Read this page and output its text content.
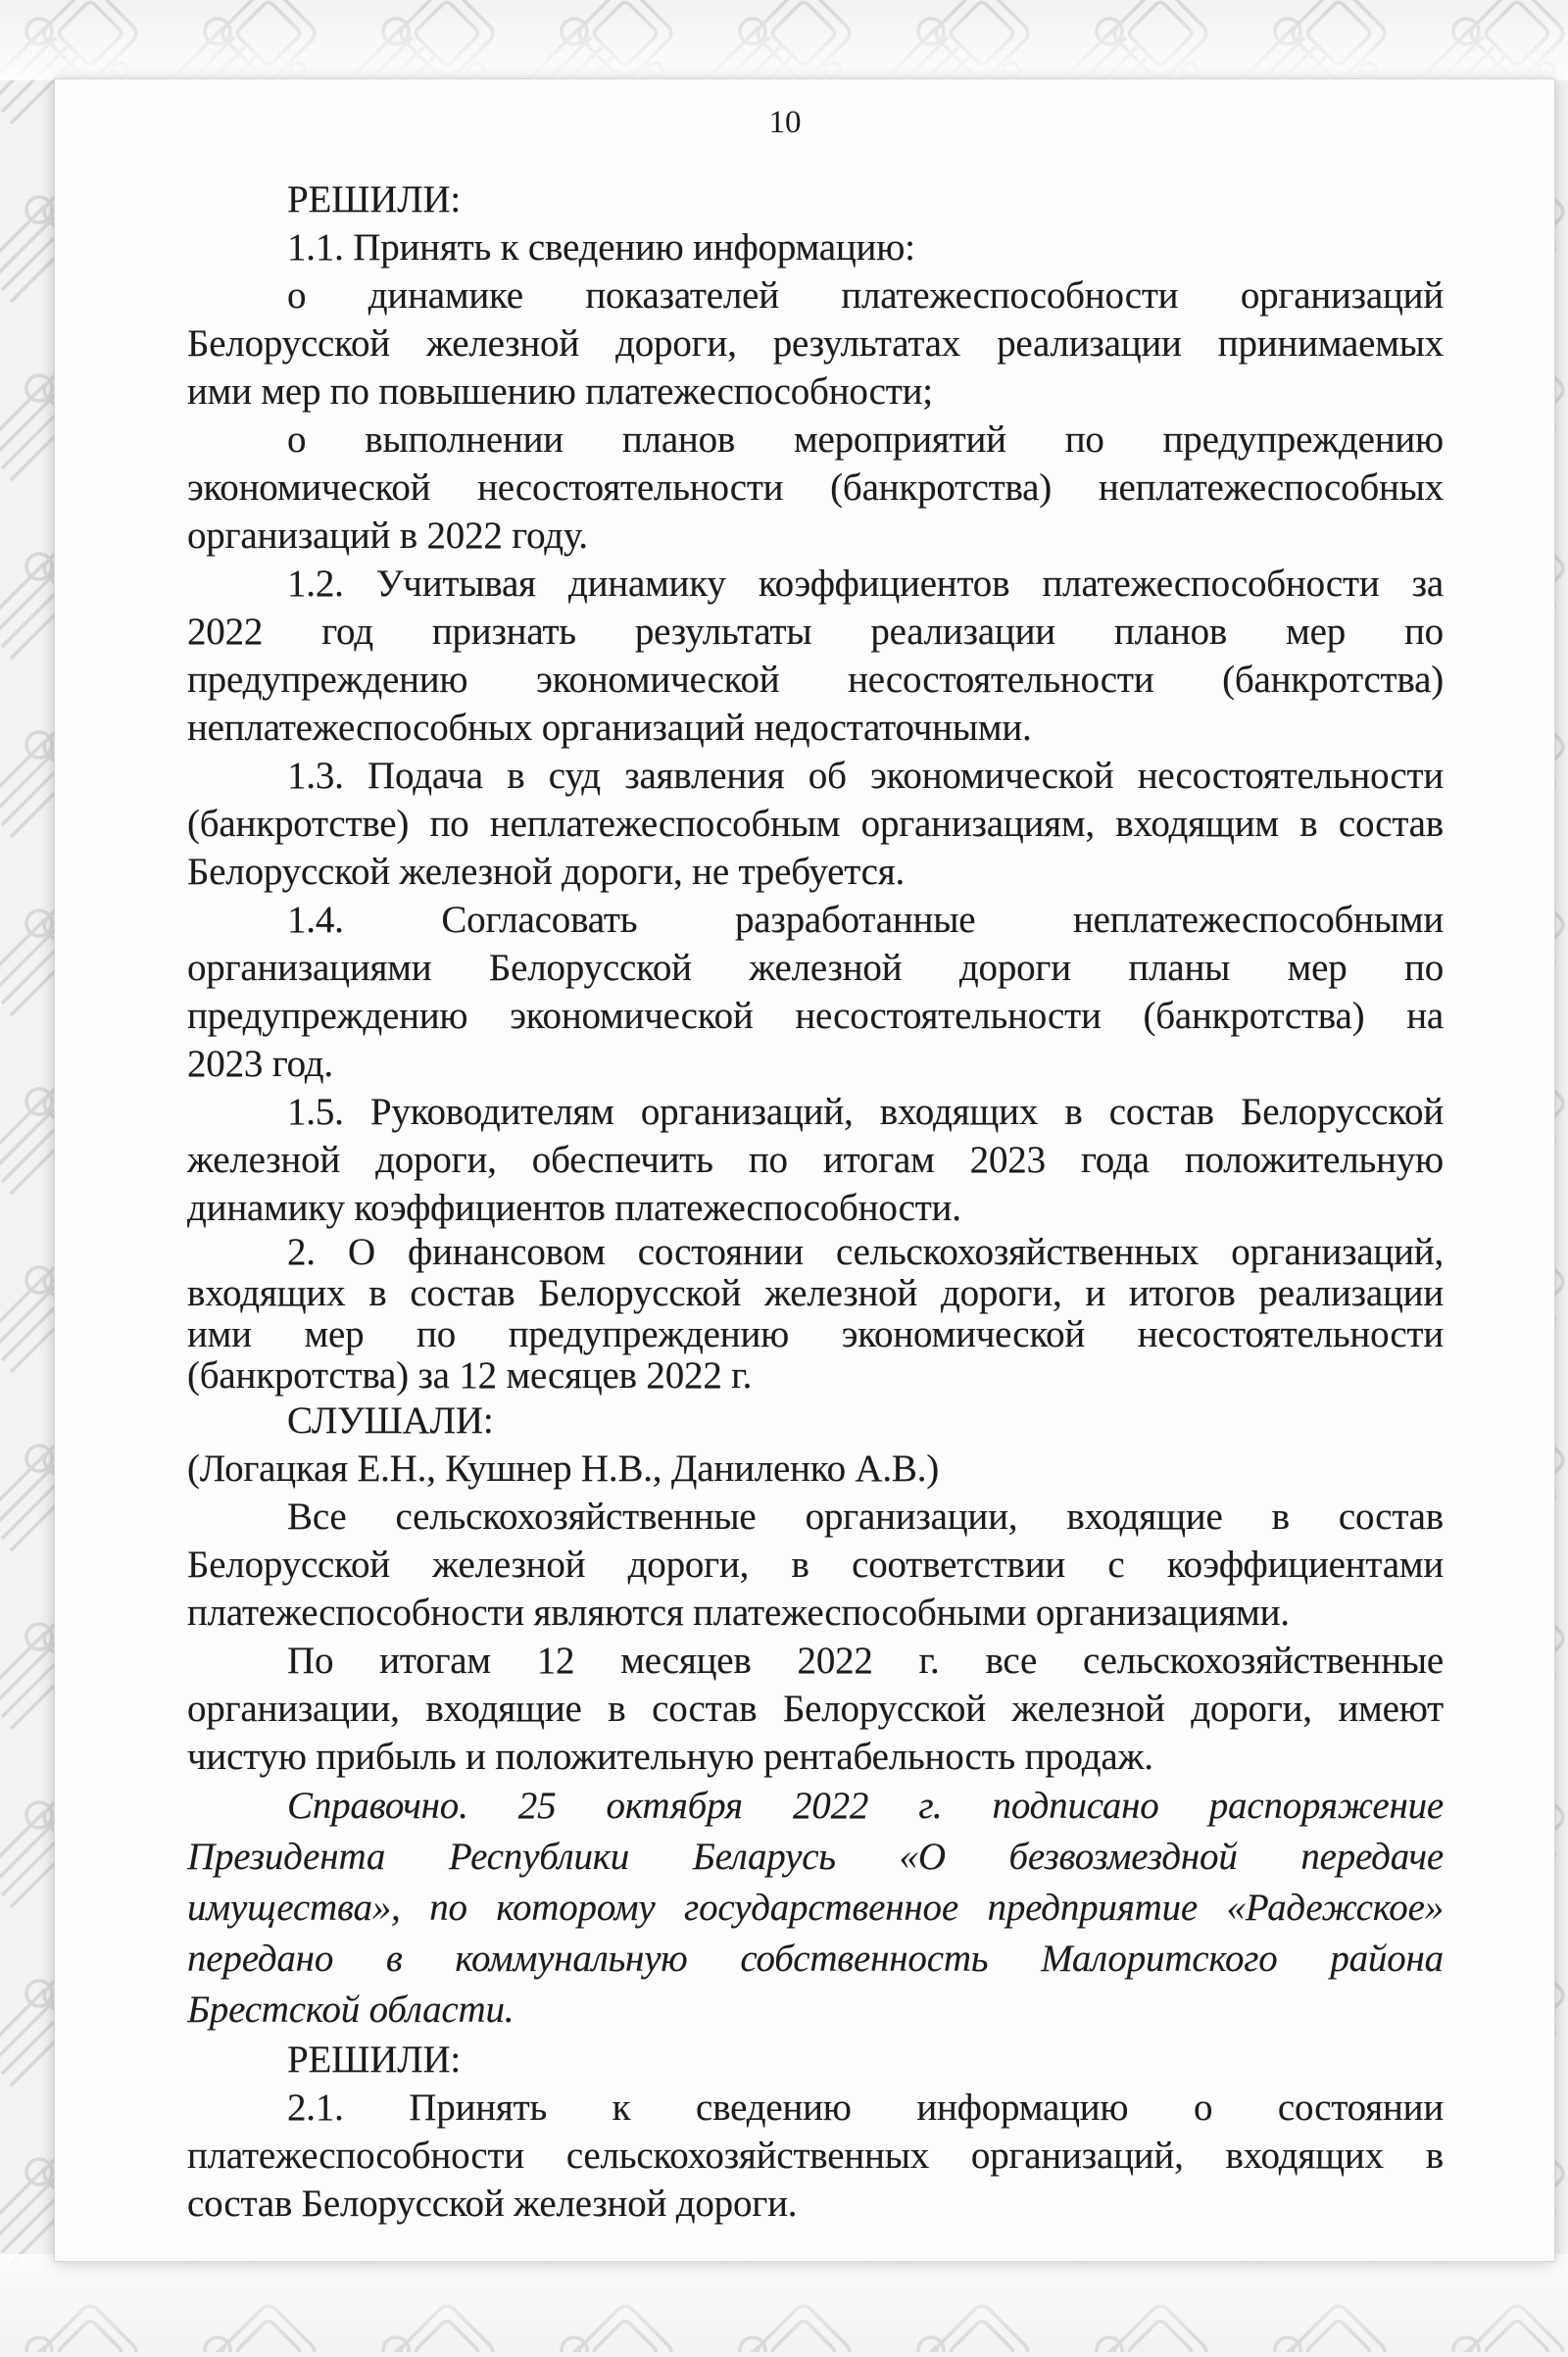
10
РЕШИЛИ:
1.1. Принять к сведению информацию:
о динамике показателей платежеспособности организаций
Белорусской железной дороги, результатах реализации принимаемых
ими мер по повышению платежеспособности;
о выполнении планов мероприятий по предупреждению
экономической несостоятельности (банкротства) неплатежеспособных
организаций в 2022 году.
1.2. Учитывая динамику коэффициентов платежеспособности за
2022 год признать результаты реализации планов мер по
предупреждению экономической несостоятельности (банкротства)
неплатежеспособных организаций недостаточными.
1.3. Подача в суд заявления об экономической несостоятельности
(банкротстве) по неплатежеспособным организациям, входящим в состав
Белорусской железной дороги, не требуется.
1.4. Согласовать разработанные неплатежеспособными
организациями Белорусской железной дороги планы мер по
предупреждению экономической несостоятельности (банкротства) на
2023 год.
1.5. Руководителям организаций, входящих в состав Белорусской
железной дороги, обеспечить по итогам 2023 года положительную
динамику коэффициентов платежеспособности.
2. О финансовом состоянии сельскохозяйственных организаций,
входящих в состав Белорусской железной дороги, и итогов реализации
ими мер по предупреждению экономической несостоятельности
(банкротства) за 12 месяцев 2022 г.
СЛУШАЛИ:
(Логацкая Е.Н., Кушнер Н.В., Даниленко А.В.)
Все сельскохозяйственные организации, входящие в состав
Белорусской железной дороги, в соответствии с коэффициентами
платежеспособности являются платежеспособными организациями.
По итогам 12 месяцев 2022 г. все сельскохозяйственные
организации, входящие в состав Белорусской железной дороги, имеют
чистую прибыль и положительную рентабельность продаж.
Справочно. 25 октября 2022 г. подписано распоряжение
Президента Республики Беларусь «О безвозмездной передаче
имущества», по которому государственное предприятие «Радежское»
передано в коммунальную собственность Малоритского района
Брестской области.
РЕШИЛИ:
2.1. Принять к сведению информацию о состоянии
платежеспособности сельскохозяйственных организаций, входящих в
состав Белорусской железной дороги.
